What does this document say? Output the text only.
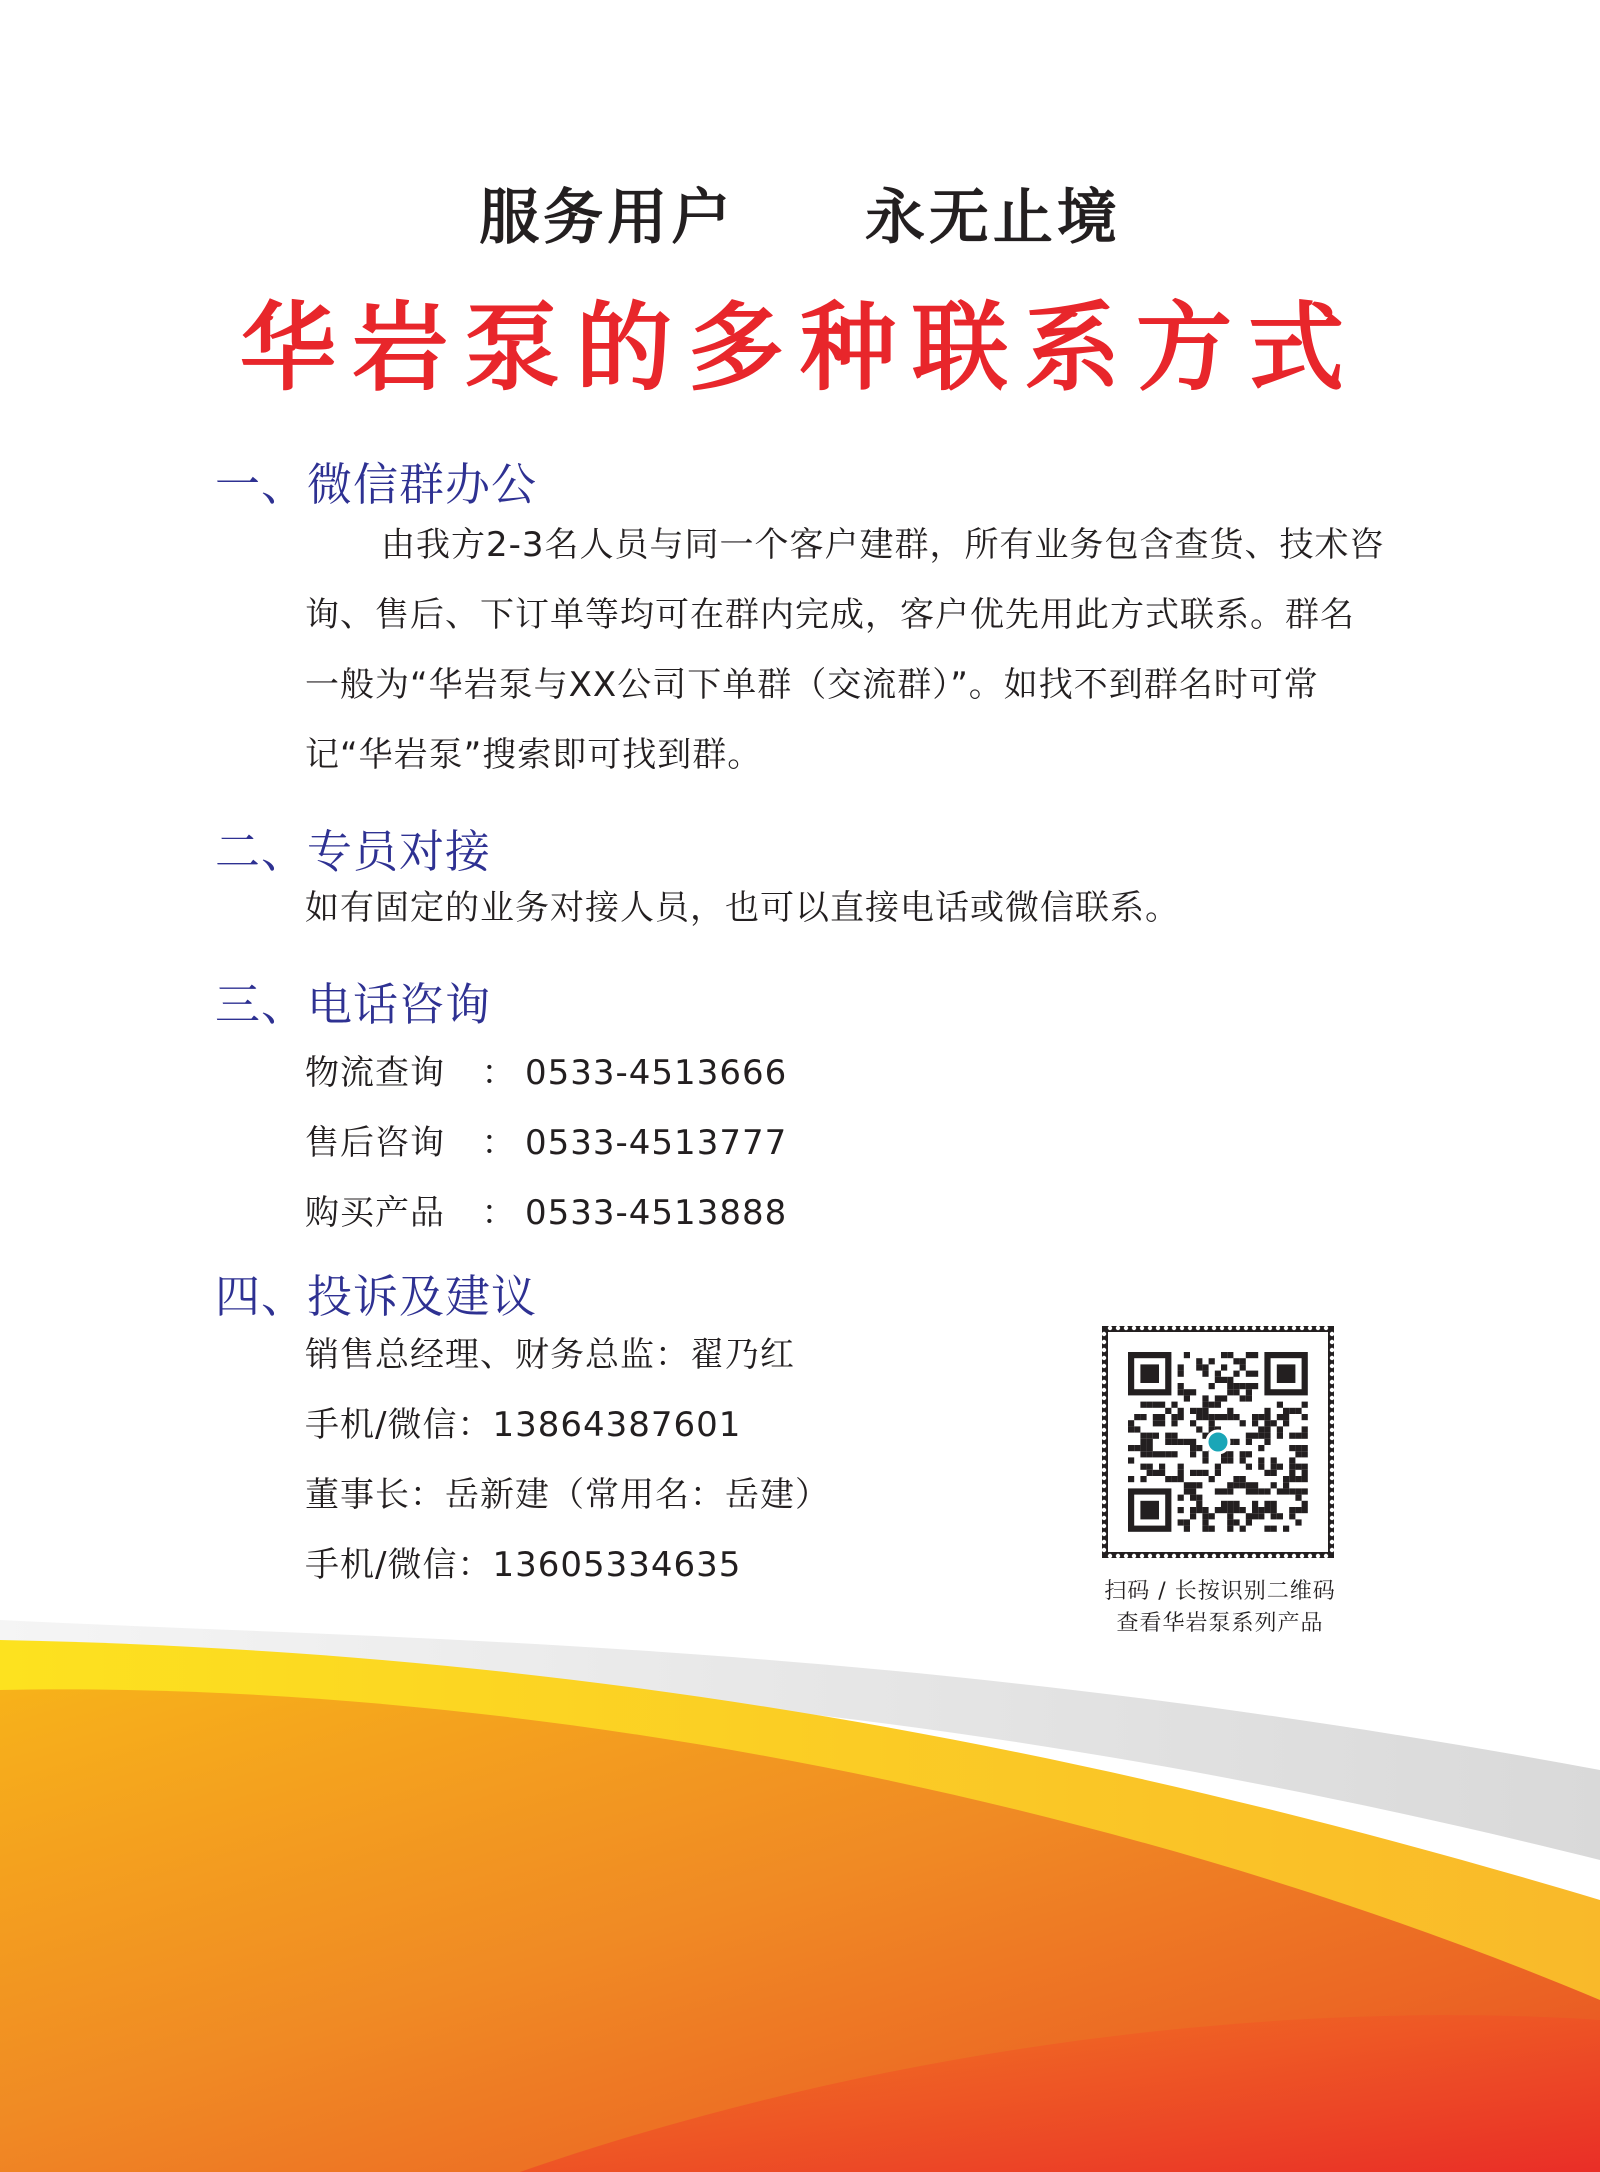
服务用户  永无止境
华岩泵的多种联系方式
一、微信群办公
由我方2-3名人员与同一个客户建群，所有业务包含查货、技术咨询、售后、下订单等均可在群内完成，客户优先用此方式联系。群名一般为“华岩泵与XX公司下单群（交流群）”。如找不到群名时可常记“华岩泵”搜索即可找到群。
二、专员对接
如有固定的业务对接人员，也可以直接电话或微信联系。
三、电话咨询
物流查询 ： 0533-4513666
售后咨询 ： 0533-4513777
购买产品 ： 0533-4513888
四、投诉及建议
销售总经理、财务总监：翟乃红
手机/微信：13864387601
董事长：岳新建（常用名：岳建）
手机/微信：13605334635
扫码 / 长按识别二维码
查看华岩泵系列产品
